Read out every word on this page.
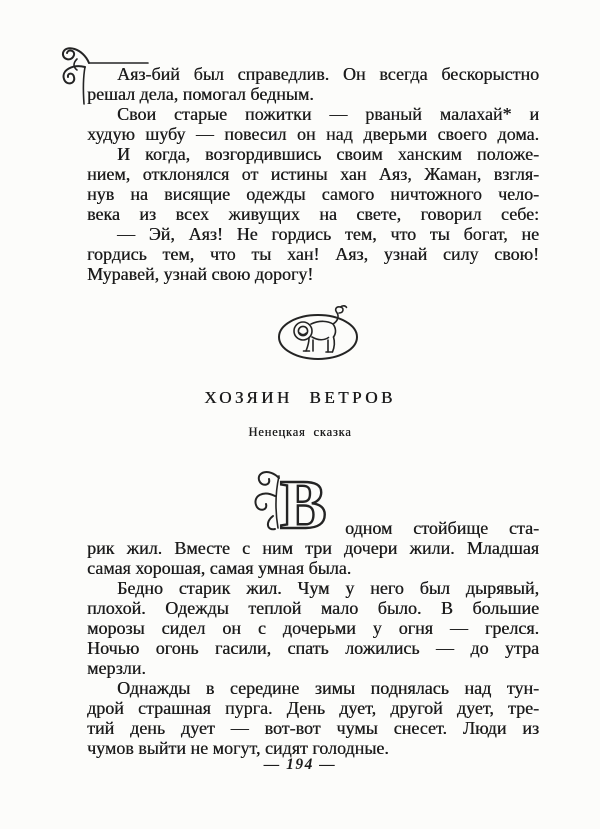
Аяз-бий был справедлив. Он всегда бескорыстно
решал дела, помогал бедным.
Свои старые пожитки — рваный малахай* и
худую шубу — повесил он над дверьми своего дома.
И когда, возгордившись своим ханским положе-
нием, отклонялся от истины хан Аяз, Жаман, взгля-
нув на висящие одежды самого ничтожного чело-
века из всех живущих на свете, говорил себе:
— Эй, Аяз! Не гордись тем, что ты богат, не
гордись тем, что ты хан! Аяз, узнай силу свою!
Муравей, узнай свою дорогу!
ХОЗЯИН ВЕТРОВ
Ненецкая сказка
В	одном стойбище ста-
рик жил. Вместе с ним три дочери жили. Младшая
самая хорошая, самая умная была.
Бедно старик жил. Чум у него был дырявый,
плохой. Одежды теплой мало было. В большие
морозы сидел он с дочерьми у огня — грелся.
Ночью огонь гасили, спать ложились — до утра
мерзли.
Однажды в середине зимы поднялась над тун-
дрой страшная пурга. День дует, другой дует, тре-
тий день дует — вот-вот чумы снесет. Люди из
чумов выйти не могут, сидят голодные.
— 194 —
